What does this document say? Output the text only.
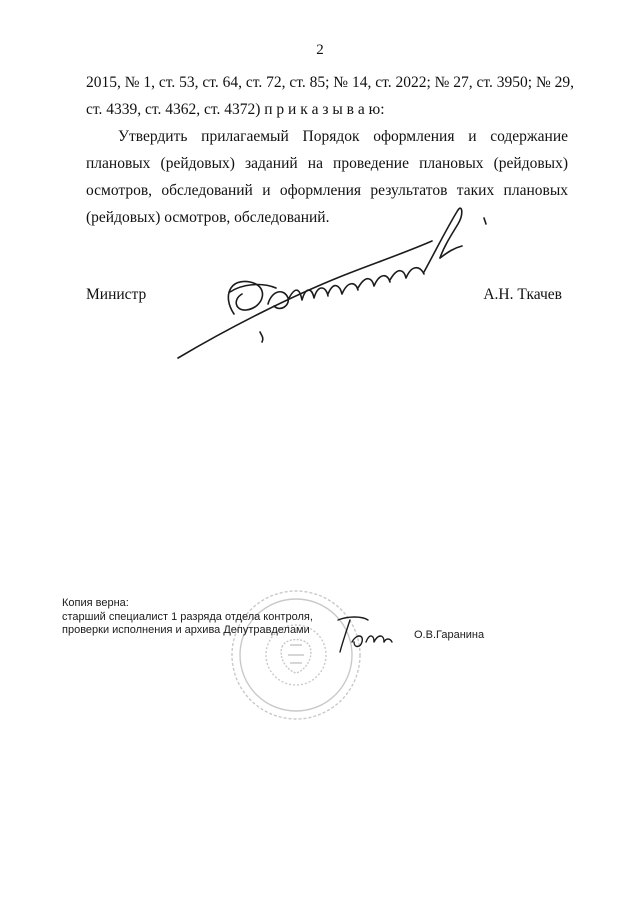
2
2015, № 1, ст. 53, ст. 64, ст. 72, ст. 85; № 14, ст. 2022; № 27, ст. 3950; № 29,
ст. 4339, ст. 4362, ст. 4372) п р и к а з ы в а ю:
Утвердить прилагаемый Порядок оформления и содержание
плановых (рейдовых) заданий на проведение плановых (рейдовых)
осмотров, обследований и оформления результатов таких плановых
(рейдовых) осмотров, обследований.
Министр	А.Н. Ткачев
Копия верна:
старший специалист 1 разряда отдела контроля,
проверки исполнения и архива Депутравделами	О.В.Гаранина
